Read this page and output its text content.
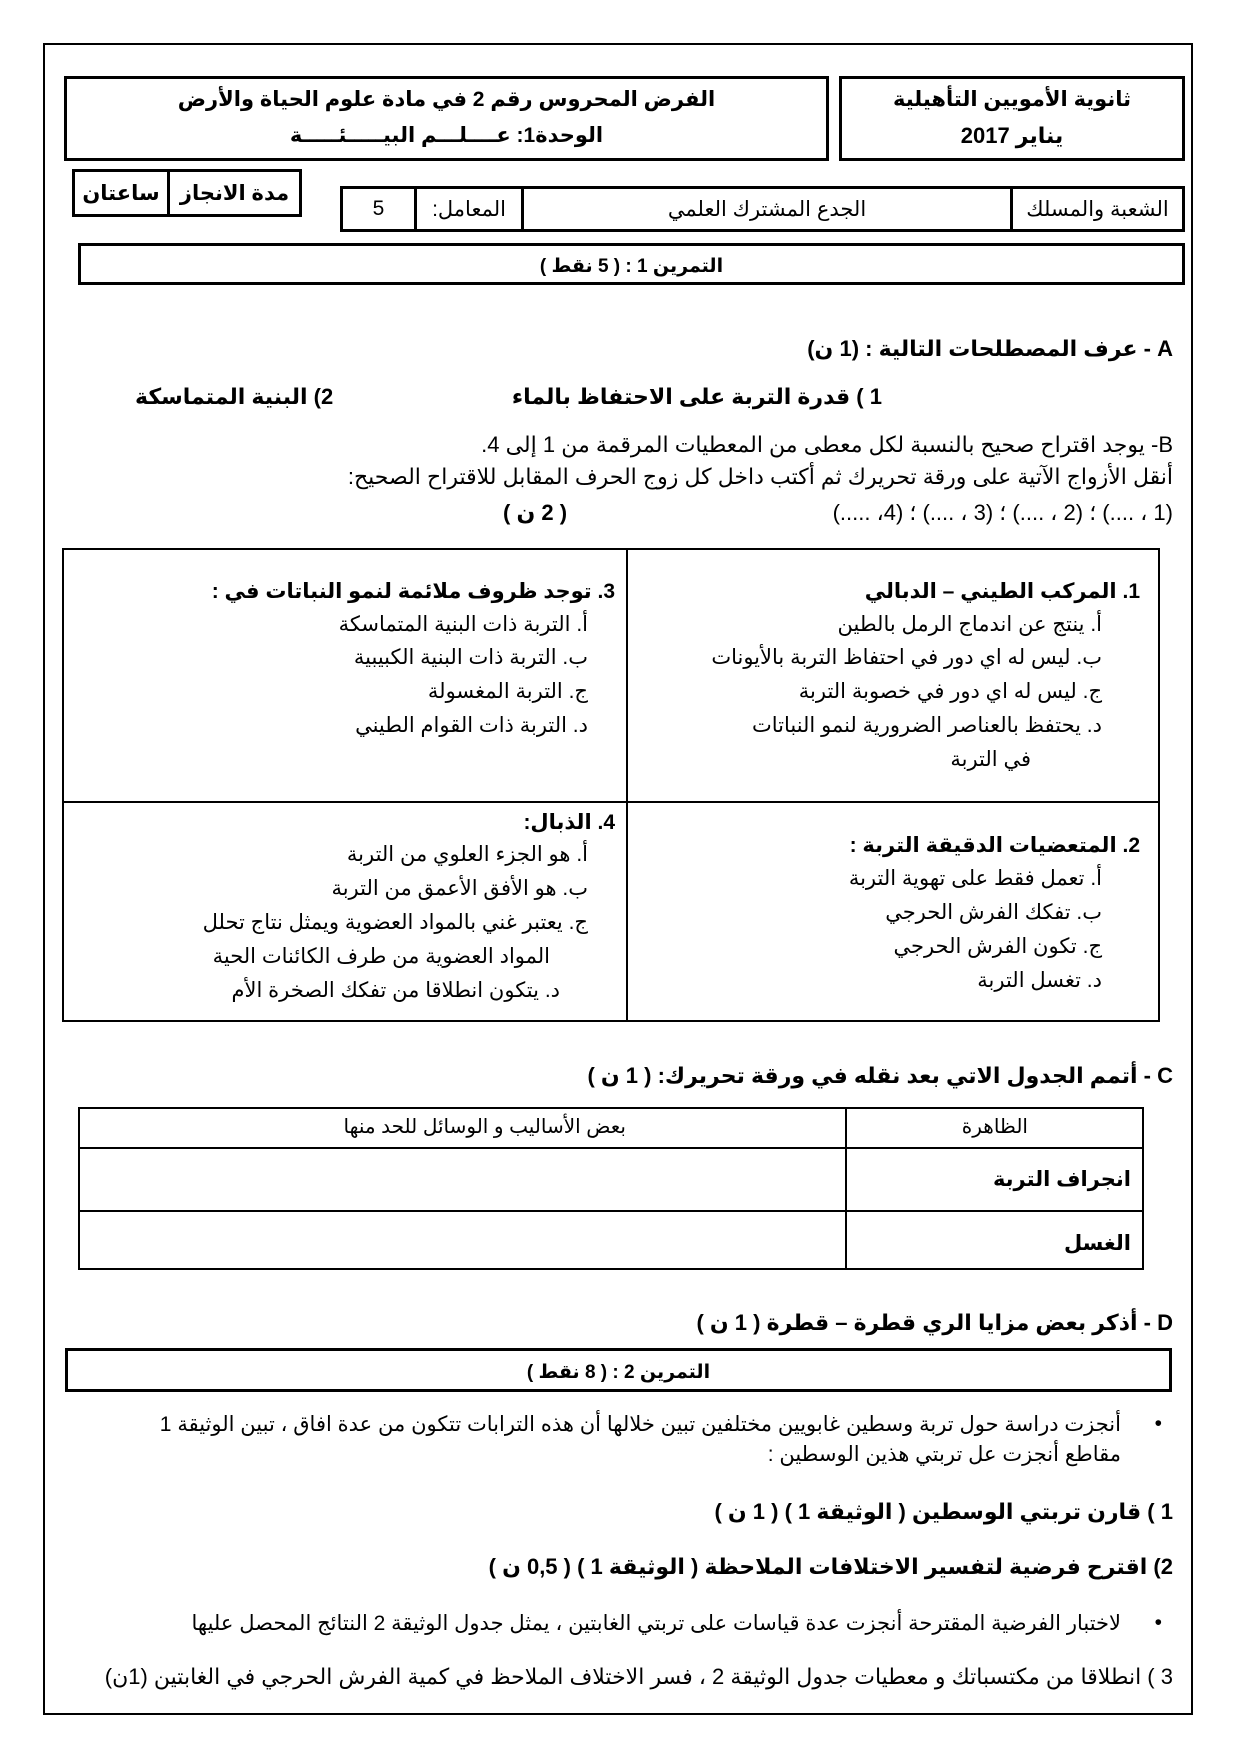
ثانوية الأمويين التأهيلية
يناير 2017
الفرض المحروس رقم 2 في مادة علوم الحياة والأرض
الوحدة1: عــــلـــم البيـــــئـــــة
مدة الانجاز
ساعتان
الشعبة والمسلك
الجدع المشترك العلمي
المعامل:
5
التمرين 1 : ( 5 نقط )
A - عرف المصطلحات التالية : (1 ن)
1 ) قدرة التربة على الاحتفاظ بالماء
2) البنية المتماسكة
B- يوجد اقتراح صحيح بالنسبة لكل معطى من المعطيات المرقمة من 1 إلى 4.
أنقل الأزواج الآتية على ورقة تحريرك ثم أكتب داخل كل زوج الحرف المقابل للاقتراح الصحيح:
(1 ، ....) ؛ (2 ، ....) ؛ (3 ، ....) ؛ (4، .....)
( 2 ن )
1. المركب الطيني – الدبالي
أ. ينتج عن اندماج الرمل بالطين
ب. ليس له اي دور في احتفاظ التربة بالأيونات
ج. ليس له اي دور في خصوبة التربة
د. يحتفظ بالعناصر الضرورية لنمو النباتات
في التربة
3. توجد ظروف ملائمة لنمو النباتات في :
أ. التربة ذات البنية المتماسكة
ب. التربة ذات البنية الكبيبية
ج. التربة المغسولة
د. التربة ذات القوام الطيني
2. المتعضيات الدقيقة التربة :
أ. تعمل فقط على تهوية التربة
ب. تفكك الفرش الحرجي
ج. تكون الفرش الحرجي
د. تغسل التربة
4. الذبال:
أ. هو الجزء العلوي من التربة
ب. هو الأفق الأعمق من التربة
ج. يعتبر غني بالمواد العضوية ويمثل نتاج تحلل
المواد العضوية من طرف الكائنات الحية
د. يتكون انطلاقا من تفكك الصخرة الأم
C - أتمم الجدول الاتي بعد نقله في ورقة تحريرك: ( 1 ن )
الظاهرة
بعض الأساليب و الوسائل للحد منها
انجراف التربة
الغسل
D - أذكر بعض مزايا الري قطرة – قطرة ( 1 ن )
التمرين 2 : ( 8 نقط )
•
أنجزت دراسة حول تربة وسطين غابويين مختلفين تبين خلالها أن هذه الترابات تتكون من عدة افاق ، تبين الوثيقة 1
مقاطع أنجزت عل تربتي هذين الوسطين :
1 ) قارن تربتي الوسطين ( الوثيقة 1 ) ( 1 ن )
2) اقترح فرضية لتفسير الاختلافات الملاحظة ( الوثيقة 1 ) ( 0,5 ن )
•
لاختبار الفرضية المقترحة أنجزت عدة قياسات على تربتي الغابتين ، يمثل جدول الوثيقة 2 النتائج المحصل عليها
3 ) انطلاقا من مكتسباتك و معطيات جدول الوثيقة 2 ، فسر الاختلاف الملاحظ في كمية الفرش الحرجي في الغابتين (1ن)
